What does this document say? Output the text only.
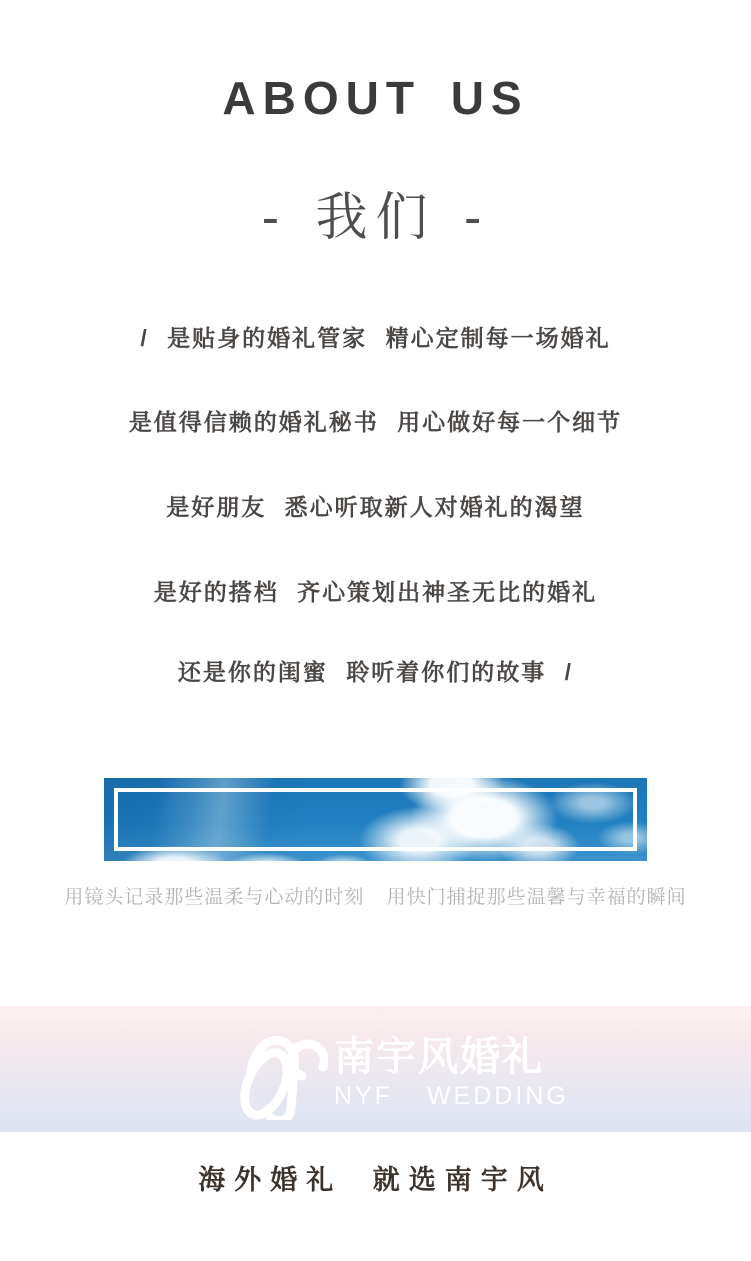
ABOUT US
- 我们 -

/ 是贴身的婚礼管家 精心定制每一场婚礼

是值得信赖的婚礼秘书 用心做好每一个细节

是好朋友 悉心听取新人对婚礼的渴望

是好的搭档 齐心策划出神圣无比的婚礼

还是你的闺蜜 聆听着你们的故事 /

用镜头记录那些温柔与心动的时刻 用快门捕捉那些温馨与幸福的瞬间
南宇风婚礼
NYF WEDDING
海外婚礼 就选南宇风
